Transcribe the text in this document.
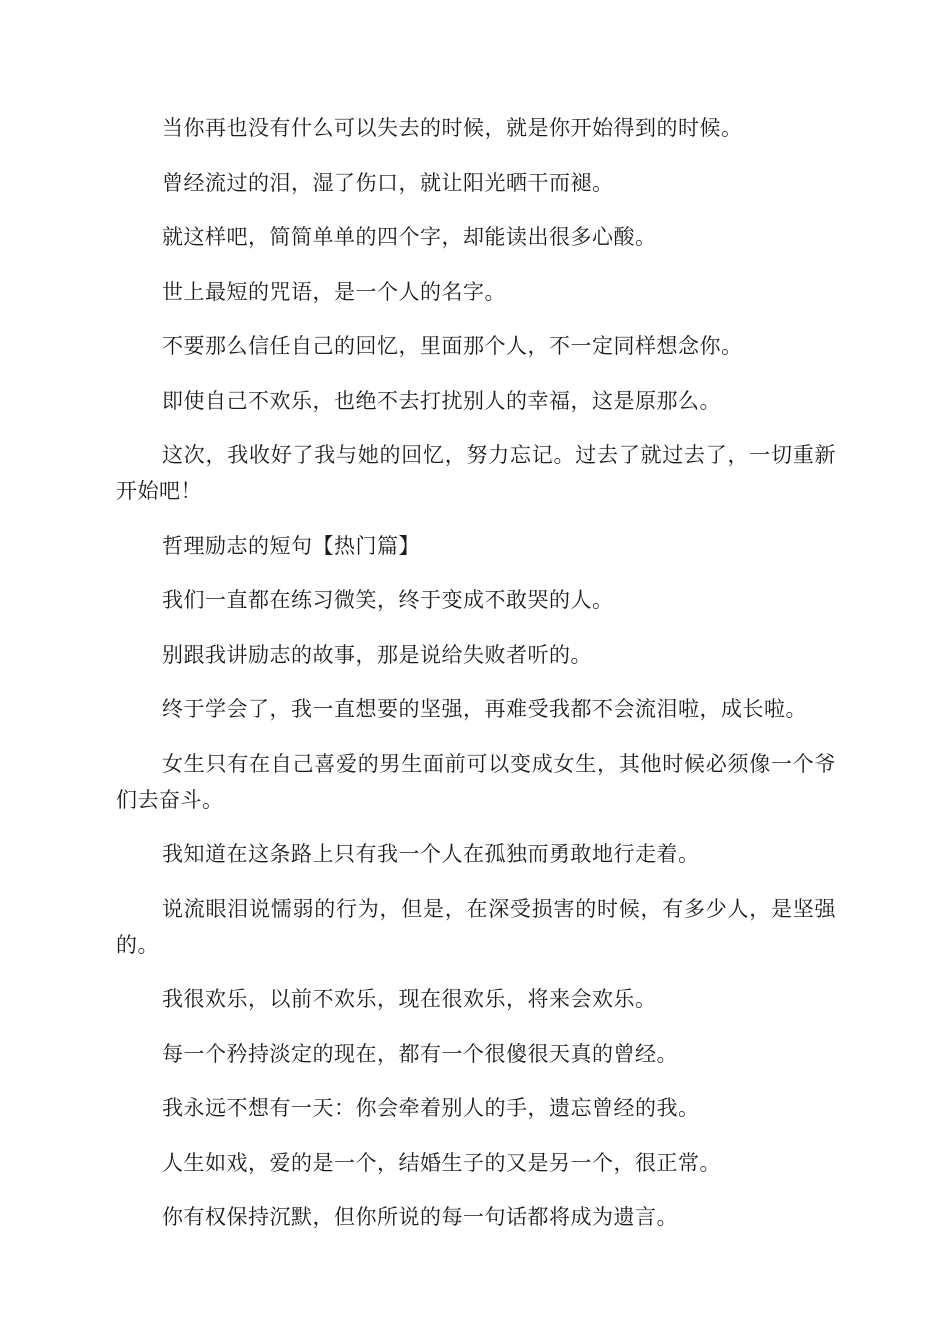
当你再也没有什么可以失去的时候，就是你开始得到的时候。

曾经流过的泪，湿了伤口，就让阳光晒干而褪。

就这样吧，简简单单的四个字，却能读出很多心酸。

世上最短的咒语，是一个人的名字。

不要那么信任自己的回忆，里面那个人，不一定同样想念你。

即使自己不欢乐，也绝不去打扰别人的幸福，这是原那么。

这次，我收好了我与她的回忆，努力忘记。过去了就过去了，一切重新开始吧！

哲理励志的短句【热门篇】

我们一直都在练习微笑，终于变成不敢哭的人。

别跟我讲励志的故事，那是说给失败者听的。

终于学会了，我一直想要的坚强，再难受我都不会流泪啦，成长啦。

女生只有在自己喜爱的男生面前可以变成女生，其他时候必须像一个爷们去奋斗。

我知道在这条路上只有我一个人在孤独而勇敢地行走着。

说流眼泪说懦弱的行为，但是，在深受损害的时候，有多少人，是坚强的。

我很欢乐，以前不欢乐，现在很欢乐，将来会欢乐。

每一个矜持淡定的现在，都有一个很傻很天真的曾经。

我永远不想有一天：你会牵着别人的手，遗忘曾经的我。

人生如戏，爱的是一个，结婚生子的又是另一个，很正常。

你有权保持沉默，但你所说的每一句话都将成为遗言。
